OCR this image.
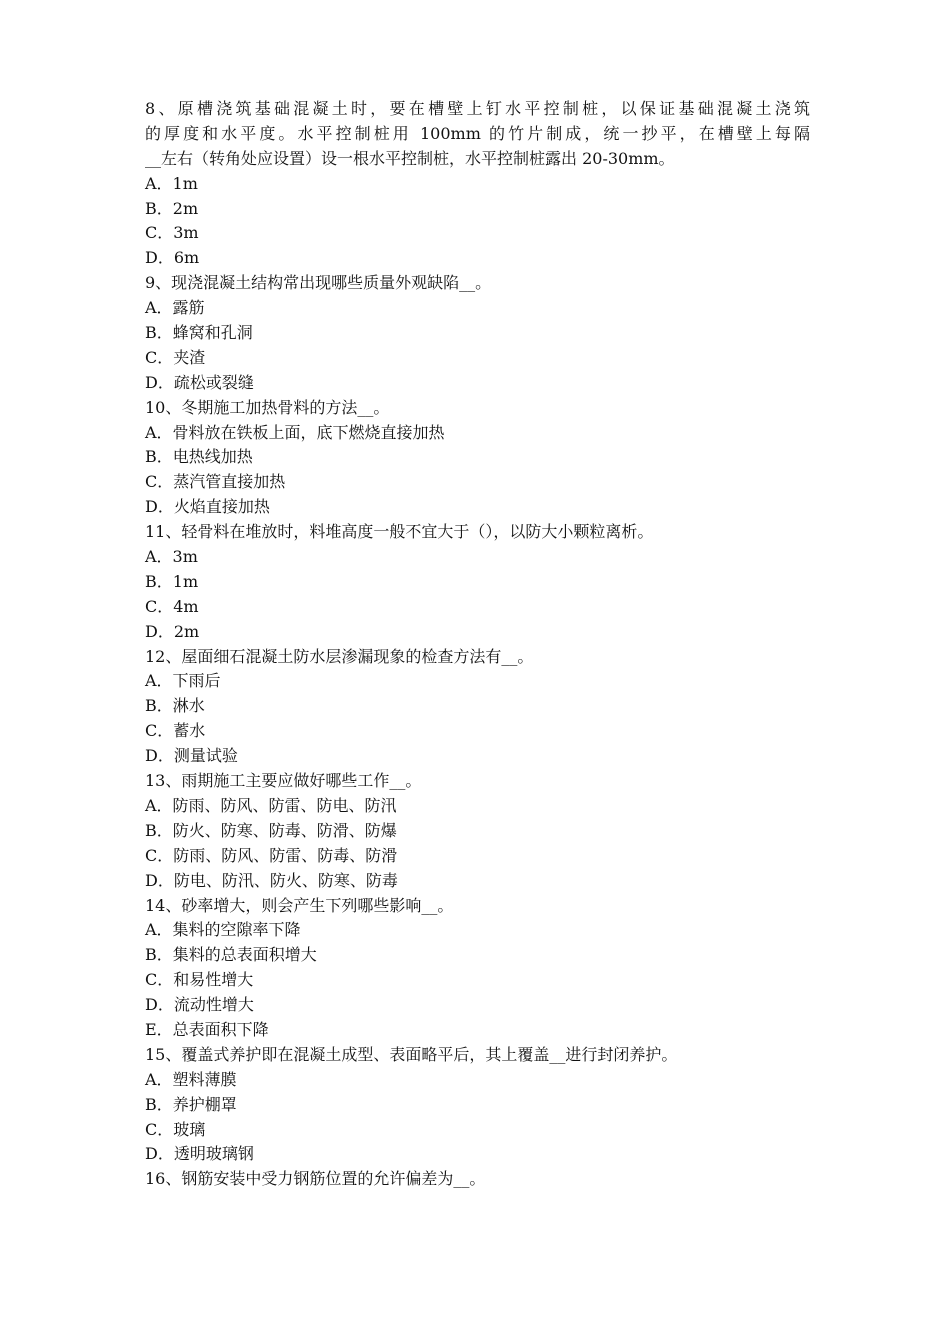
8、原槽浇筑基础混凝土时，要在槽壁上钉水平控制桩，以保证基础混凝土浇筑
的厚度和水平度。水平控制桩用 100mm 的竹片制成，统一抄平，在槽壁上每隔
__左右（转角处应设置）设一根水平控制桩，水平控制桩露出 20-30mm。
A．1m
B．2m
C．3m
D．6m
9、现浇混凝土结构常出现哪些质量外观缺陷__。
A．露筋
B．蜂窝和孔洞
C．夹渣
D．疏松或裂缝
10、冬期施工加热骨料的方法__。
A．骨料放在铁板上面，底下燃烧直接加热
B．电热线加热
C．蒸汽管直接加热
D．火焰直接加热
11、轻骨料在堆放时，料堆高度一般不宜大于（），以防大小颗粒离析。
A．3m
B．1m
C．4m
D．2m
12、屋面细石混凝土防水层渗漏现象的检查方法有__。
A．下雨后
B．淋水
C．蓄水
D．测量试验
13、雨期施工主要应做好哪些工作__。
A．防雨、防风、防雷、防电、防汛
B．防火、防寒、防毒、防滑、防爆
C．防雨、防风、防雷、防毒、防滑
D．防电、防汛、防火、防寒、防毒
14、砂率增大，则会产生下列哪些影响__。
A．集料的空隙率下降
B．集料的总表面积增大
C．和易性增大
D．流动性增大
E．总表面积下降
15、覆盖式养护即在混凝土成型、表面略平后，其上覆盖__进行封闭养护。
A．塑料薄膜
B．养护棚罩
C．玻璃
D．透明玻璃钢
16、钢筋安装中受力钢筋位置的允许偏差为__。
